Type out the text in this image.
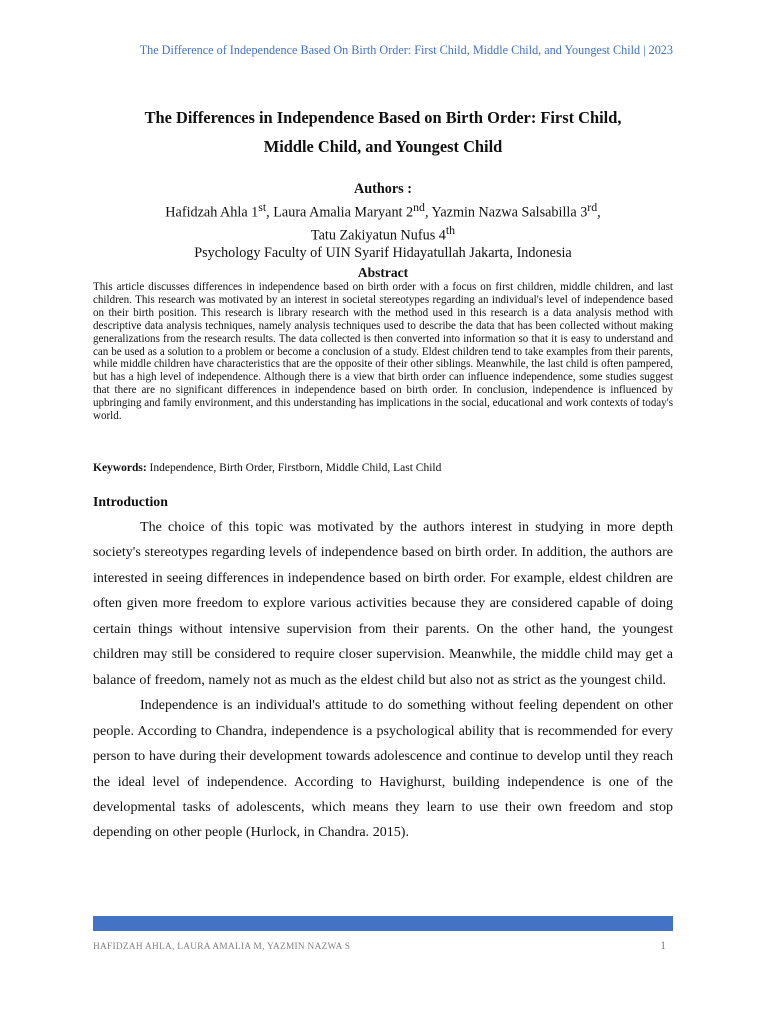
The Difference of Independence Based On Birth Order: First Child, Middle Child, and Youngest Child | 2023
The Differences in Independence Based on Birth Order: First Child,
Middle Child, and Youngest Child
Authors :
Hafidzah Ahla 1st, Laura Amalia Maryant 2nd, Yazmin Nazwa Salsabilla 3rd,
Tatu Zakiyatun Nufus 4th
Psychology Faculty of UIN Syarif Hidayatullah Jakarta, Indonesia
Abstract
This article discusses differences in independence based on birth order with a focus on first children, middle children, and last children. This research was motivated by an interest in societal stereotypes regarding an individual's level of independence based on their birth position. This research is library research with the method used in this research is a data analysis method with descriptive data analysis techniques, namely analysis techniques used to describe the data that has been collected without making generalizations from the research results. The data collected is then converted into information so that it is easy to understand and can be used as a solution to a problem or become a conclusion of a study. Eldest children tend to take examples from their parents, while middle children have characteristics that are the opposite of their other siblings. Meanwhile, the last child is often pampered, but has a high level of independence. Although there is a view that birth order can influence independence, some studies suggest that there are no significant differences in independence based on birth order. In conclusion, independence is influenced by upbringing and family environment, and this understanding has implications in the social, educational and work contexts of today's world.
Keywords: Independence, Birth Order, Firstborn, Middle Child, Last Child
Introduction

The choice of this topic was motivated by the authors interest in studying in more depth society's stereotypes regarding levels of independence based on birth order. In addition, the authors are interested in seeing differences in independence based on birth order. For example, eldest children are often given more freedom to explore various activities because they are considered capable of doing certain things without intensive supervision from their parents. On the other hand, the youngest children may still be considered to require closer supervision. Meanwhile, the middle child may get a balance of freedom, namely not as much as the eldest child but also not as strict as the youngest child.

Independence is an individual's attitude to do something without feeling dependent on other people. According to Chandra, independence is a psychological ability that is recommended for every person to have during their development towards adolescence and continue to develop until they reach the ideal level of independence. According to Havighurst, building independence is one of the developmental tasks of adolescents, which means they learn to use their own freedom and stop depending on other people (Hurlock, in Chandra. 2015).

HAFIDZAH AHLA, LAURA AMALIA M, YAZMIN NAZWA S	1
